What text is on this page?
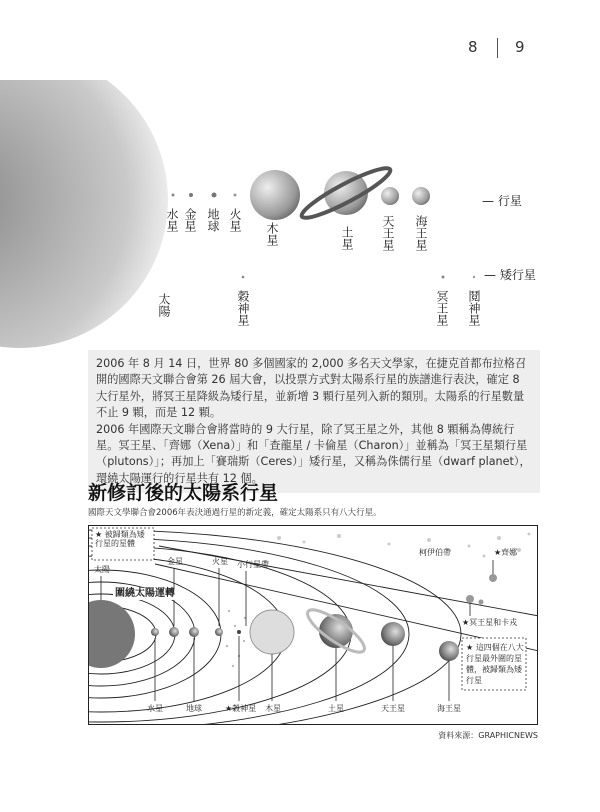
8 9
水星 金星 地球 火星
木星	土星 天王星 海王星
太陽	穀神星	冥王星 鬩神星
— 行星
— 矮行星

2006 年 8 月 14 日，世界 80 多個國家的 2,000 多名天文學家，在捷克首都布拉格召開的國際天文聯合會第 26 屆大會，以投票方式對太陽系行星的族譜進行表決，確定 8 大行星外，將冥王星降級為矮行星，並新增 3 顆行星列入新的類別。太陽系的行星數量不止 9 顆，而是 12 顆。

2006 年國際天文聯合會將當時的 9 大行星，除了冥王星之外，其他 8 顆稱為傳統行星。冥王星、「齊娜（Xena）」和「查龍星 / 卡倫星（Charon）」並稱為「冥王星類行星（plutons）」；再加上「賽瑞斯（Ceres）」矮行星，又稱為侏儒行星（dwarf planet），環繞太陽運行的行星共有 12 個。

新修訂後的太陽系行星
國際天文學聯合會2006年表決通過行星的新定義，確定太陽系只有八大行星。
★ 被歸類為矮行星的星體
太陽
金星	火星 小行星帶
柯伊伯帶	★齊娜
★冥王星和卡戎
圍繞太陽運轉
水星	地球	★穀神星 木星	土星	天王星	海王星
★ 這四個在八大行星最外圍的星體，被歸類為矮行星
資料來源：GRAPHICNEWS
